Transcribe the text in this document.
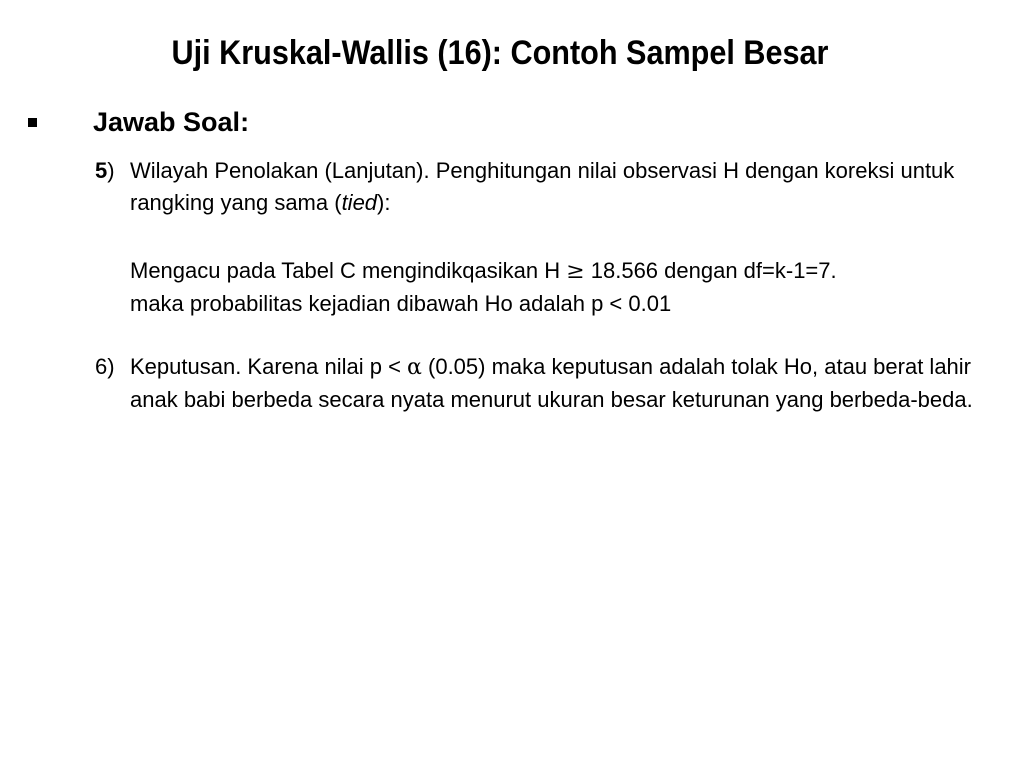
Uji Kruskal-Wallis (16): Contoh Sampel Besar
Jawab Soal:
5) Wilayah Penolakan (Lanjutan). Penghitungan nilai observasi H dengan koreksi untuk rangking yang sama (tied):
Mengacu pada Tabel C mengindikqasikan H ≥ 18.566 dengan df=k-1=7.
maka probabilitas kejadian dibawah Ho adalah p < 0.01
6) Keputusan. Karena nilai p < α (0.05) maka keputusan adalah tolak Ho, atau berat lahir anak babi berbeda secara nyata menurut ukuran besar keturunan yang berbeda-beda.
